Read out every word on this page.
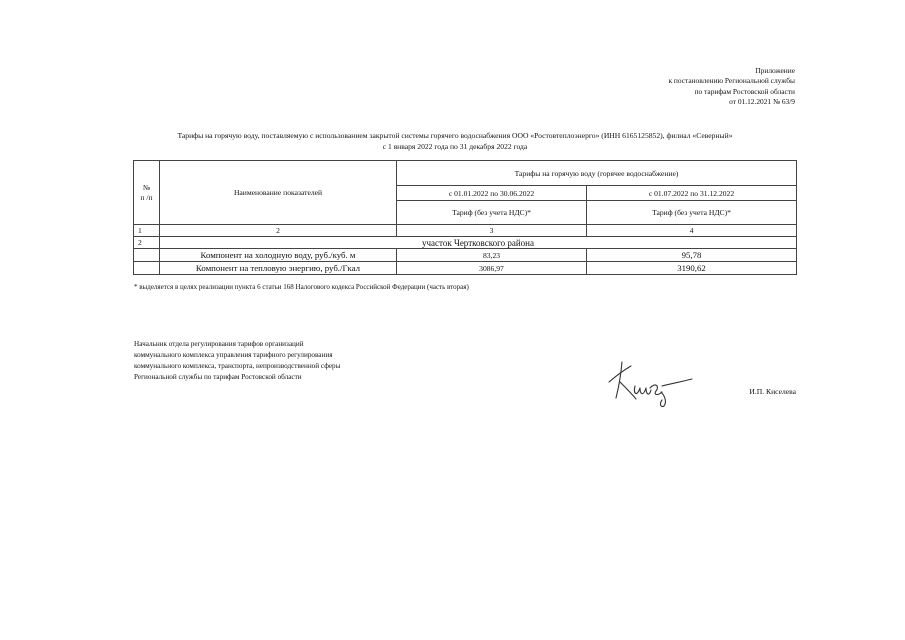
Приложение
к постановлению Региональной службы
по тарифам Ростовской области
от 01.12.2021 № 63/9
Тарифы на горячую воду, поставляемую с использованием закрытой системы горячего водоснабжения ООО «Ростовтеплоэнерго» (ИНН 6165125852), филиал «Северный»
с 1 января 2022 года по 31 декабря 2022 года
№ п /п	Наименование показателей	Тарифы на горячую воду (горячее водоснабжение)	
		с 01.01.2022 по 30.06.2022	с 01.07.2022 по 31.12.2022
		Тариф (без учета НДС)*	Тариф (без учета НДС)*
1	2	3	4
2	участок Чертковского района		
	Компонент на холодную воду, руб./куб. м	83,23	95,78
	Компонент на тепловую энергию, руб./Гкал	3086,97	3190,62
* выделяется в целях реализации пункта 6 статьи 168 Налогового кодекса Российской Федерации (часть вторая)
Начальник отдела регулирования тарифов организаций
коммунального комплекса управления тарифного регулирования
коммунального комплекса, транспорта, непроизводственной сферы
Региональной службы по тарифам Ростовской области
И.П. Киселева
